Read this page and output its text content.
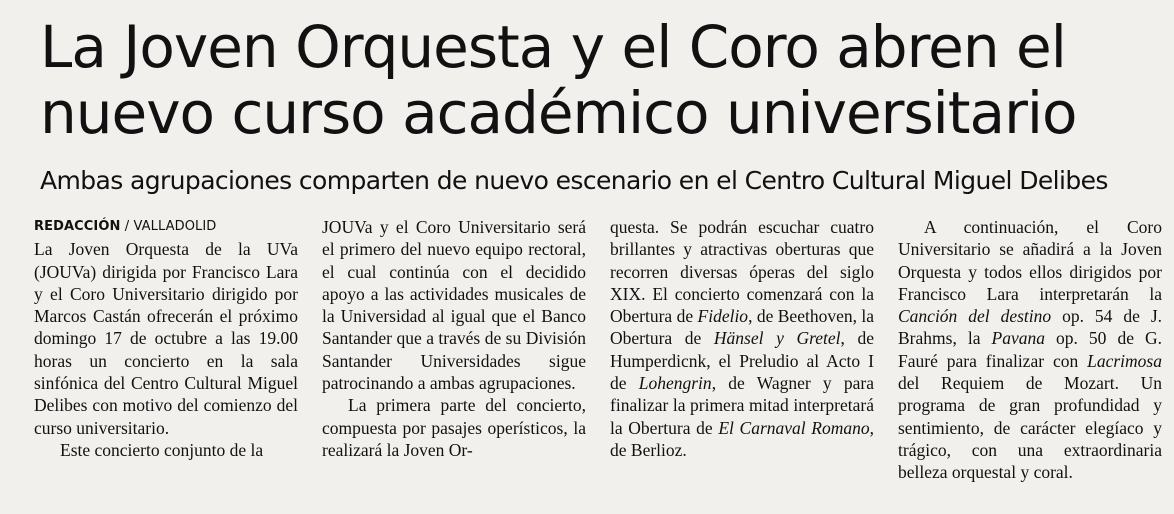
La Joven Orquesta y el Coro abren el
nuevo curso académico universitario
Ambas agrupaciones comparten de nuevo escenario en el Centro Cultural Miguel Delibes
REDACCIÓN / VALLADOLID

La Joven Orquesta de la UVa (JOUVa) dirigida por Francisco Lara y el Coro Universitario dirigido por Marcos Castán ofrecerán el próximo domingo 17 de octubre a las 19.00 horas un concierto en la sala sinfónica del Centro Cultural Miguel Delibes con motivo del comienzo del curso universitario.

Este concierto conjunto de la

JOUVa y el Coro Universitario será el primero del nuevo equipo rectoral, el cual continúa con el decidido apoyo a las actividades musicales de la Universidad al igual que el Banco Santander que a través de su División Santander Universidades sigue patrocinando a ambas agrupaciones.

La primera parte del concierto, compuesta por pasajes operísticos, la realizará la Joven Or-

questa. Se podrán escuchar cuatro brillantes y atractivas oberturas que recorren diversas óperas del siglo XIX. El concierto comenzará con la Obertura de Fidelio, de Beethoven, la Obertura de Hänsel y Gretel, de Humperdicnk, el Preludio al Acto I de Lohengrin, de Wagner y para finalizar la primera mitad interpretará la Obertura de El Carnaval Romano, de Berlioz.

A continuación, el Coro Universitario se añadirá a la Joven Orquesta y todos ellos dirigidos por Francisco Lara interpretarán la Canción del destino op. 54 de J. Brahms, la Pavana op. 50 de G. Fauré para finalizar con Lacrimosa del Requiem de Mozart. Un programa de gran profundidad y sentimiento, de carácter elegíaco y trágico, con una extraordinaria belleza orquestal y coral.
